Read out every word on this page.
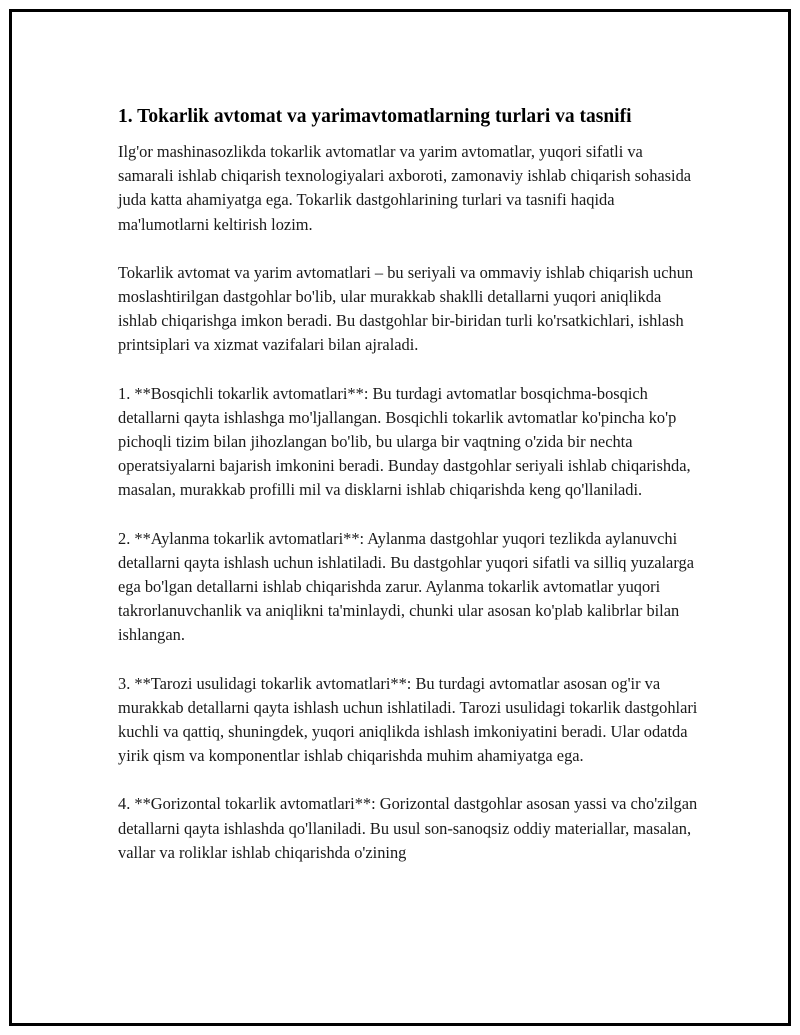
1. Tokarlik avtomat va yarimavtomatlarning turlari va tasnifi

Ilg'or mashinasozlikda tokarlik avtomatlar va yarim avtomatlar, yuqori sifatli va samarali ishlab chiqarish texnologiyalari axboroti, zamonaviy ishlab chiqarish sohasida juda katta ahamiyatga ega. Tokarlik dastgohlarining turlari va tasnifi haqida ma'lumotlarni keltirish lozim.

Tokarlik avtomat va yarim avtomatlari – bu seriyali va ommaviy ishlab chiqarish uchun moslashtirilgan dastgohlar bo'lib, ular murakkab shaklli detallarni yuqori aniqlikda ishlab chiqarishga imkon beradi. Bu dastgohlar bir-biridan turli ko'rsatkichlari, ishlash printsiplari va xizmat vazifalari bilan ajraladi.

1. **Bosqichli tokarlik avtomatlari**: Bu turdagi avtomatlar bosqichma-bosqich detallarni qayta ishlashga mo'ljallangan. Bosqichli tokarlik avtomatlar ko'pincha ko'p pichoqli tizim bilan jihozlangan bo'lib, bu ularga bir vaqtning o'zida bir nechta operatsiyalarni bajarish imkonini beradi. Bunday dastgohlar seriyali ishlab chiqarishda, masalan, murakkab profilli mil va disklarni ishlab chiqarishda keng qo'llaniladi.

2. **Aylanma tokarlik avtomatlari**: Aylanma dastgohlar yuqori tezlikda aylanuvchi detallarni qayta ishlash uchun ishlatiladi. Bu dastgohlar yuqori sifatli va silliq yuzalarga ega bo'lgan detallarni ishlab chiqarishda zarur. Aylanma tokarlik avtomatlar yuqori takrorlanuvchanlik va aniqlikni ta'minlaydi, chunki ular asosan ko'plab kalibrlar bilan ishlangan.

3. **Tarozi usulidagi tokarlik avtomatlari**: Bu turdagi avtomatlar asosan og'ir va murakkab detallarni qayta ishlash uchun ishlatiladi. Tarozi usulidagi tokarlik dastgohlari kuchli va qattiq, shuningdek, yuqori aniqlikda ishlash imkoniyatini beradi. Ular odatda yirik qism va komponentlar ishlab chiqarishda muhim ahamiyatga ega.

4. **Gorizontal tokarlik avtomatlari**: Gorizontal dastgohlar asosan yassi va cho'zilgan detallarni qayta ishlashda qo'llaniladi. Bu usul son-sanoqsiz oddiy materiallar, masalan, vallar va roliklar ishlab chiqarishda o'zining
